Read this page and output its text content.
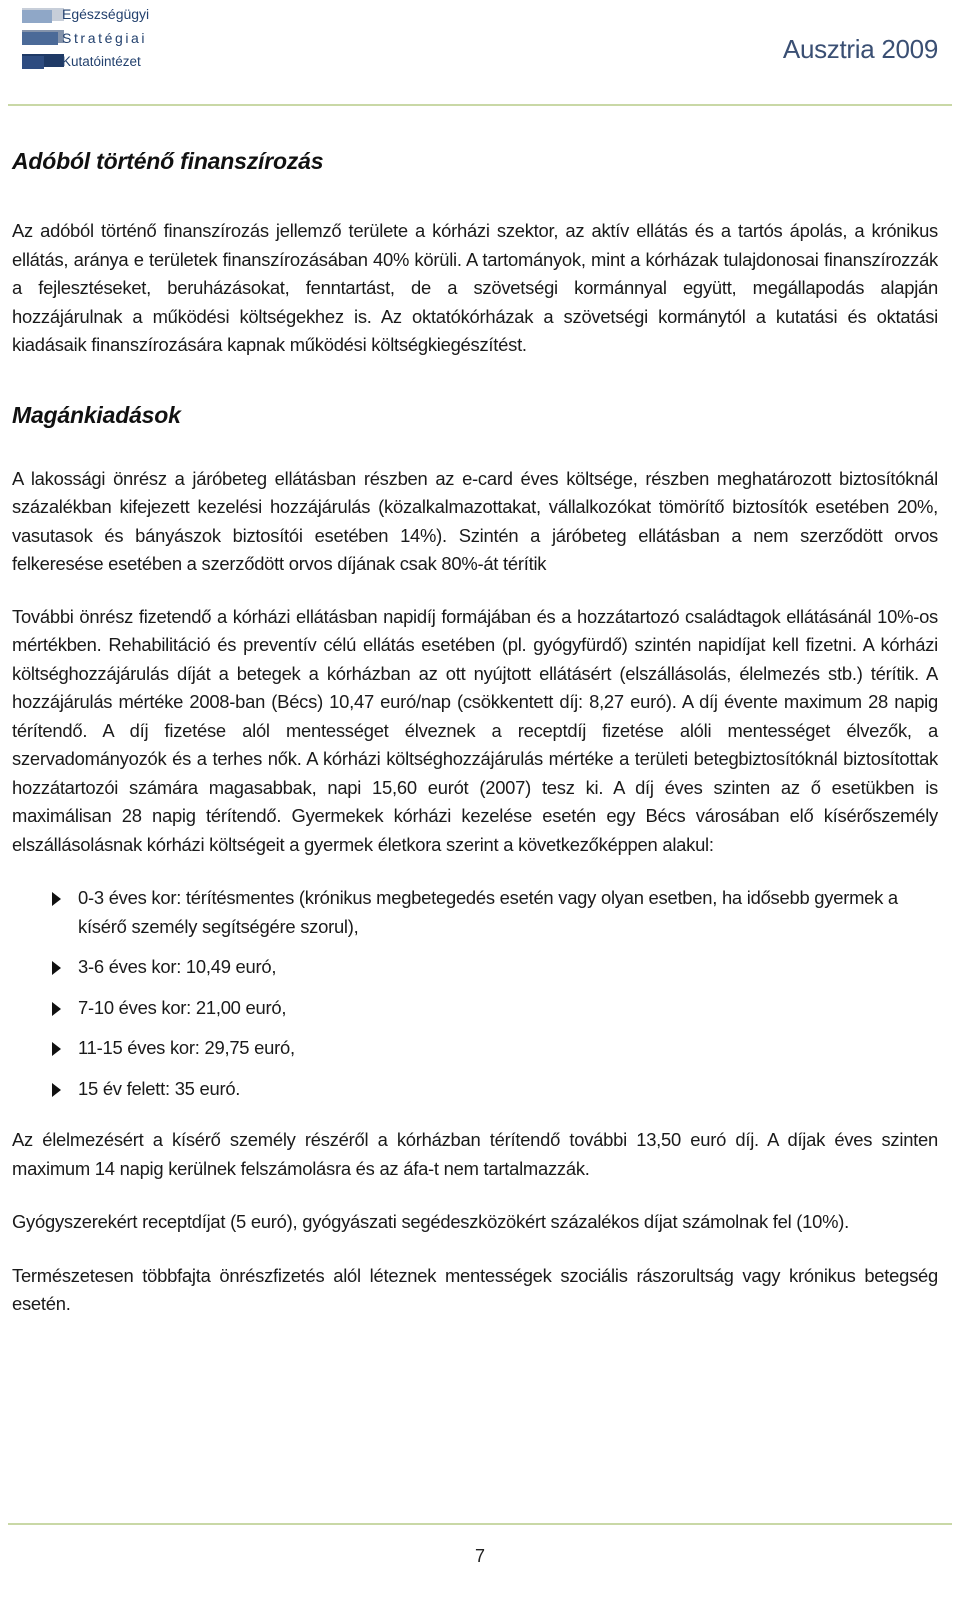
Egészségügyi
Stratégiai
Kutatóintézet	Ausztria 2009
Adóból történő finanszírozás

Az adóból történő finanszírozás jellemző területe a kórházi szektor, az aktív ellátás és a tartós ápolás, a krónikus ellátás, aránya e területek finanszírozásában 40% körüli. A tartományok, mint a kórházak tulajdonosai finanszírozzák a fejlesztéseket, beruházásokat, fenntartást, de a szövetségi kormánnyal együtt, megállapodás alapján hozzájárulnak a működési költségekhez is. Az oktatókórházak a szövetségi kormánytól a kutatási és oktatási kiadásaik finanszírozására kapnak működési költségkiegészítést.

Magánkiadások

A lakossági önrész a járóbeteg ellátásban részben az e-card éves költsége, részben meghatározott biztosítóknál százalékban kifejezett kezelési hozzájárulás (közalkalmazottakat, vállalkozókat tömörítő biztosítók esetében 20%, vasutasok és bányászok biztosítói esetében 14%). Szintén a járóbeteg ellátásban a nem szerződött orvos felkeresése esetében a szerződött orvos díjának csak 80%-át térítik

További önrész fizetendő a kórházi ellátásban napidíj formájában és a hozzátartozó családtagok ellátásánál 10%-os mértékben. Rehabilitáció és preventív célú ellátás esetében (pl. gyógyfürdő) szintén napidíjat kell fizetni. A kórházi költséghozzájárulás díját a betegek a kórházban az ott nyújtott ellátásért (elszállásolás, élelmezés stb.) térítik. A hozzájárulás mértéke 2008-ban (Bécs) 10,47 euró/nap (csökkentett díj: 8,27 euró). A díj évente maximum 28 napig térítendő. A díj fizetése alól mentességet élveznek a receptdíj fizetése alóli mentességet élvezők, a szervadományozók és a terhes nők. A kórházi költséghozzájárulás mértéke a területi betegbiztosítóknál biztosítottak hozzátartozói számára magasabbak, napi 15,60 eurót (2007) tesz ki. A díj éves szinten az ő esetükben is maximálisan 28 napig térítendő. Gyermekek kórházi kezelése esetén egy Bécs városában elő kísérőszemély elszállásolásnak kórházi költségeit a gyermek életkora szerint a következőképpen alakul:

0-3 éves kor: térítésmentes (krónikus megbetegedés esetén vagy olyan esetben, ha idősebb gyermek a kísérő személy segítségére szorul),
3-6 éves kor: 10,49 euró,
7-10 éves kor: 21,00 euró,
11-15 éves kor: 29,75 euró,
15 év felett: 35 euró.

Az élelmezésért a kísérő személy részéről a kórházban térítendő további 13,50 euró díj. A díjak éves szinten maximum 14 napig kerülnek felszámolásra és az áfa-t nem tartalmazzák.

Gyógyszerekért receptdíjat (5 euró), gyógyászati segédeszközökért százalékos díjat számolnak fel (10%).

Természetesen többfajta önrészfizetés alól léteznek mentességek szociális rászorultság vagy krónikus betegség esetén.

7
